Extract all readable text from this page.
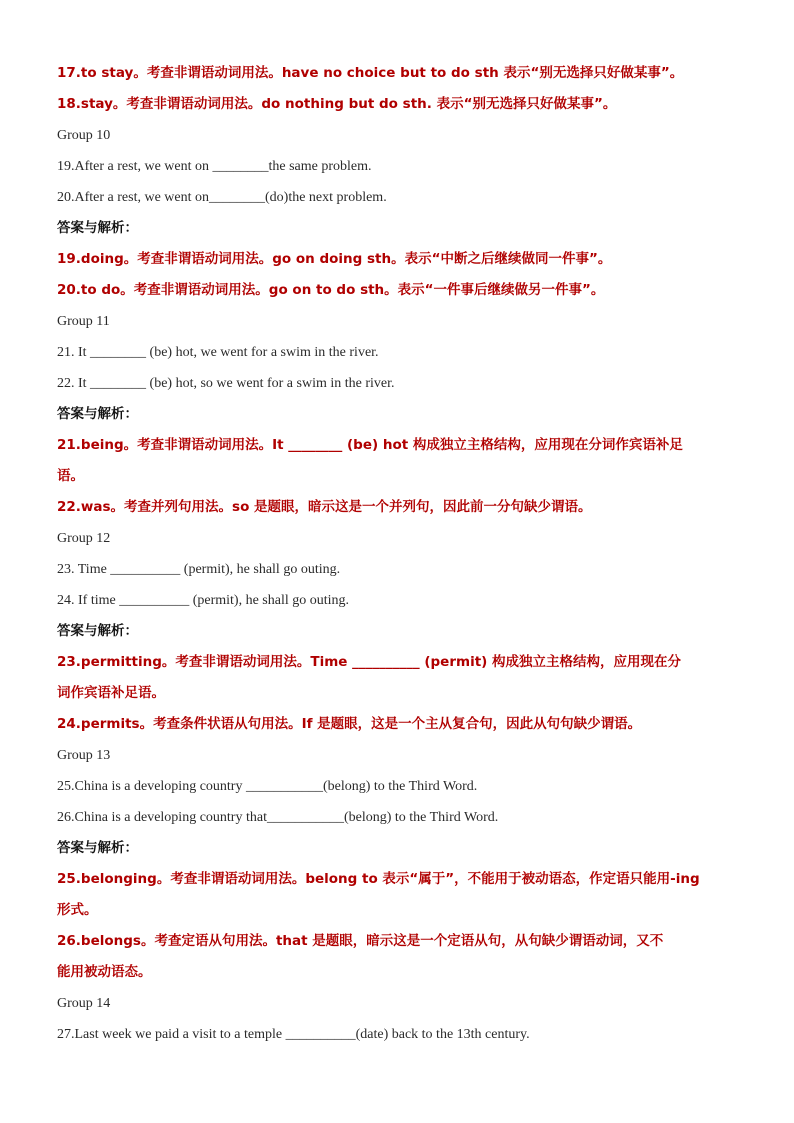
17.to stay。考查非谓语动词用法。have no choice but to do sth 表示“别无选择只好做某事”。
18.stay。考查非谓语动词用法。do nothing but do sth. 表示“别无选择只好做某事”。
Group 10
19.After a rest, we went on ________the same problem.
20.After a rest, we went on________(do)the next problem.
答案与解析：
19.doing。考查非谓语动词用法。go on doing sth。表示“中断之后继续做同一件事”。
20.to do。考查非谓语动词用法。go on to do sth。表示“一件事后继续做另一件事”。
Group 11
21. It ________ (be) hot, we went for a swim in the river.
22. It ________ (be) hot, so we went for a swim in the river.
答案与解析：
21.being。考查非谓语动词用法。It ________ (be) hot 构成独立主格结构，应用现在分词作宾语补足
语。
22.was。考查并列句用法。so 是题眼，暗示这是一个并列句，因此前一分句缺少谓语。
Group 12
23. Time __________ (permit), he shall go outing.
24. If time __________ (permit), he shall go outing.
答案与解析：
23.permitting。考查非谓语动词用法。Time __________ (permit) 构成独立主格结构，应用现在分
词作宾语补足语。
24.permits。考查条件状语从句用法。If 是题眼，这是一个主从复合句，因此从句句缺少谓语。
Group 13
25.China is a developing country ___________(belong) to the Third Word.
26.China is a developing country that___________(belong) to the Third Word.
答案与解析：
25.belonging。考查非谓语动词用法。belong to 表示“属于”，不能用于被动语态，作定语只能用-ing
形式。
26.belongs。考查定语从句用法。that 是题眼，暗示这是一个定语从句，从句缺少谓语动词，又不
能用被动语态。
Group 14
27.Last week we paid a visit to a temple __________(date) back to the 13th century.
